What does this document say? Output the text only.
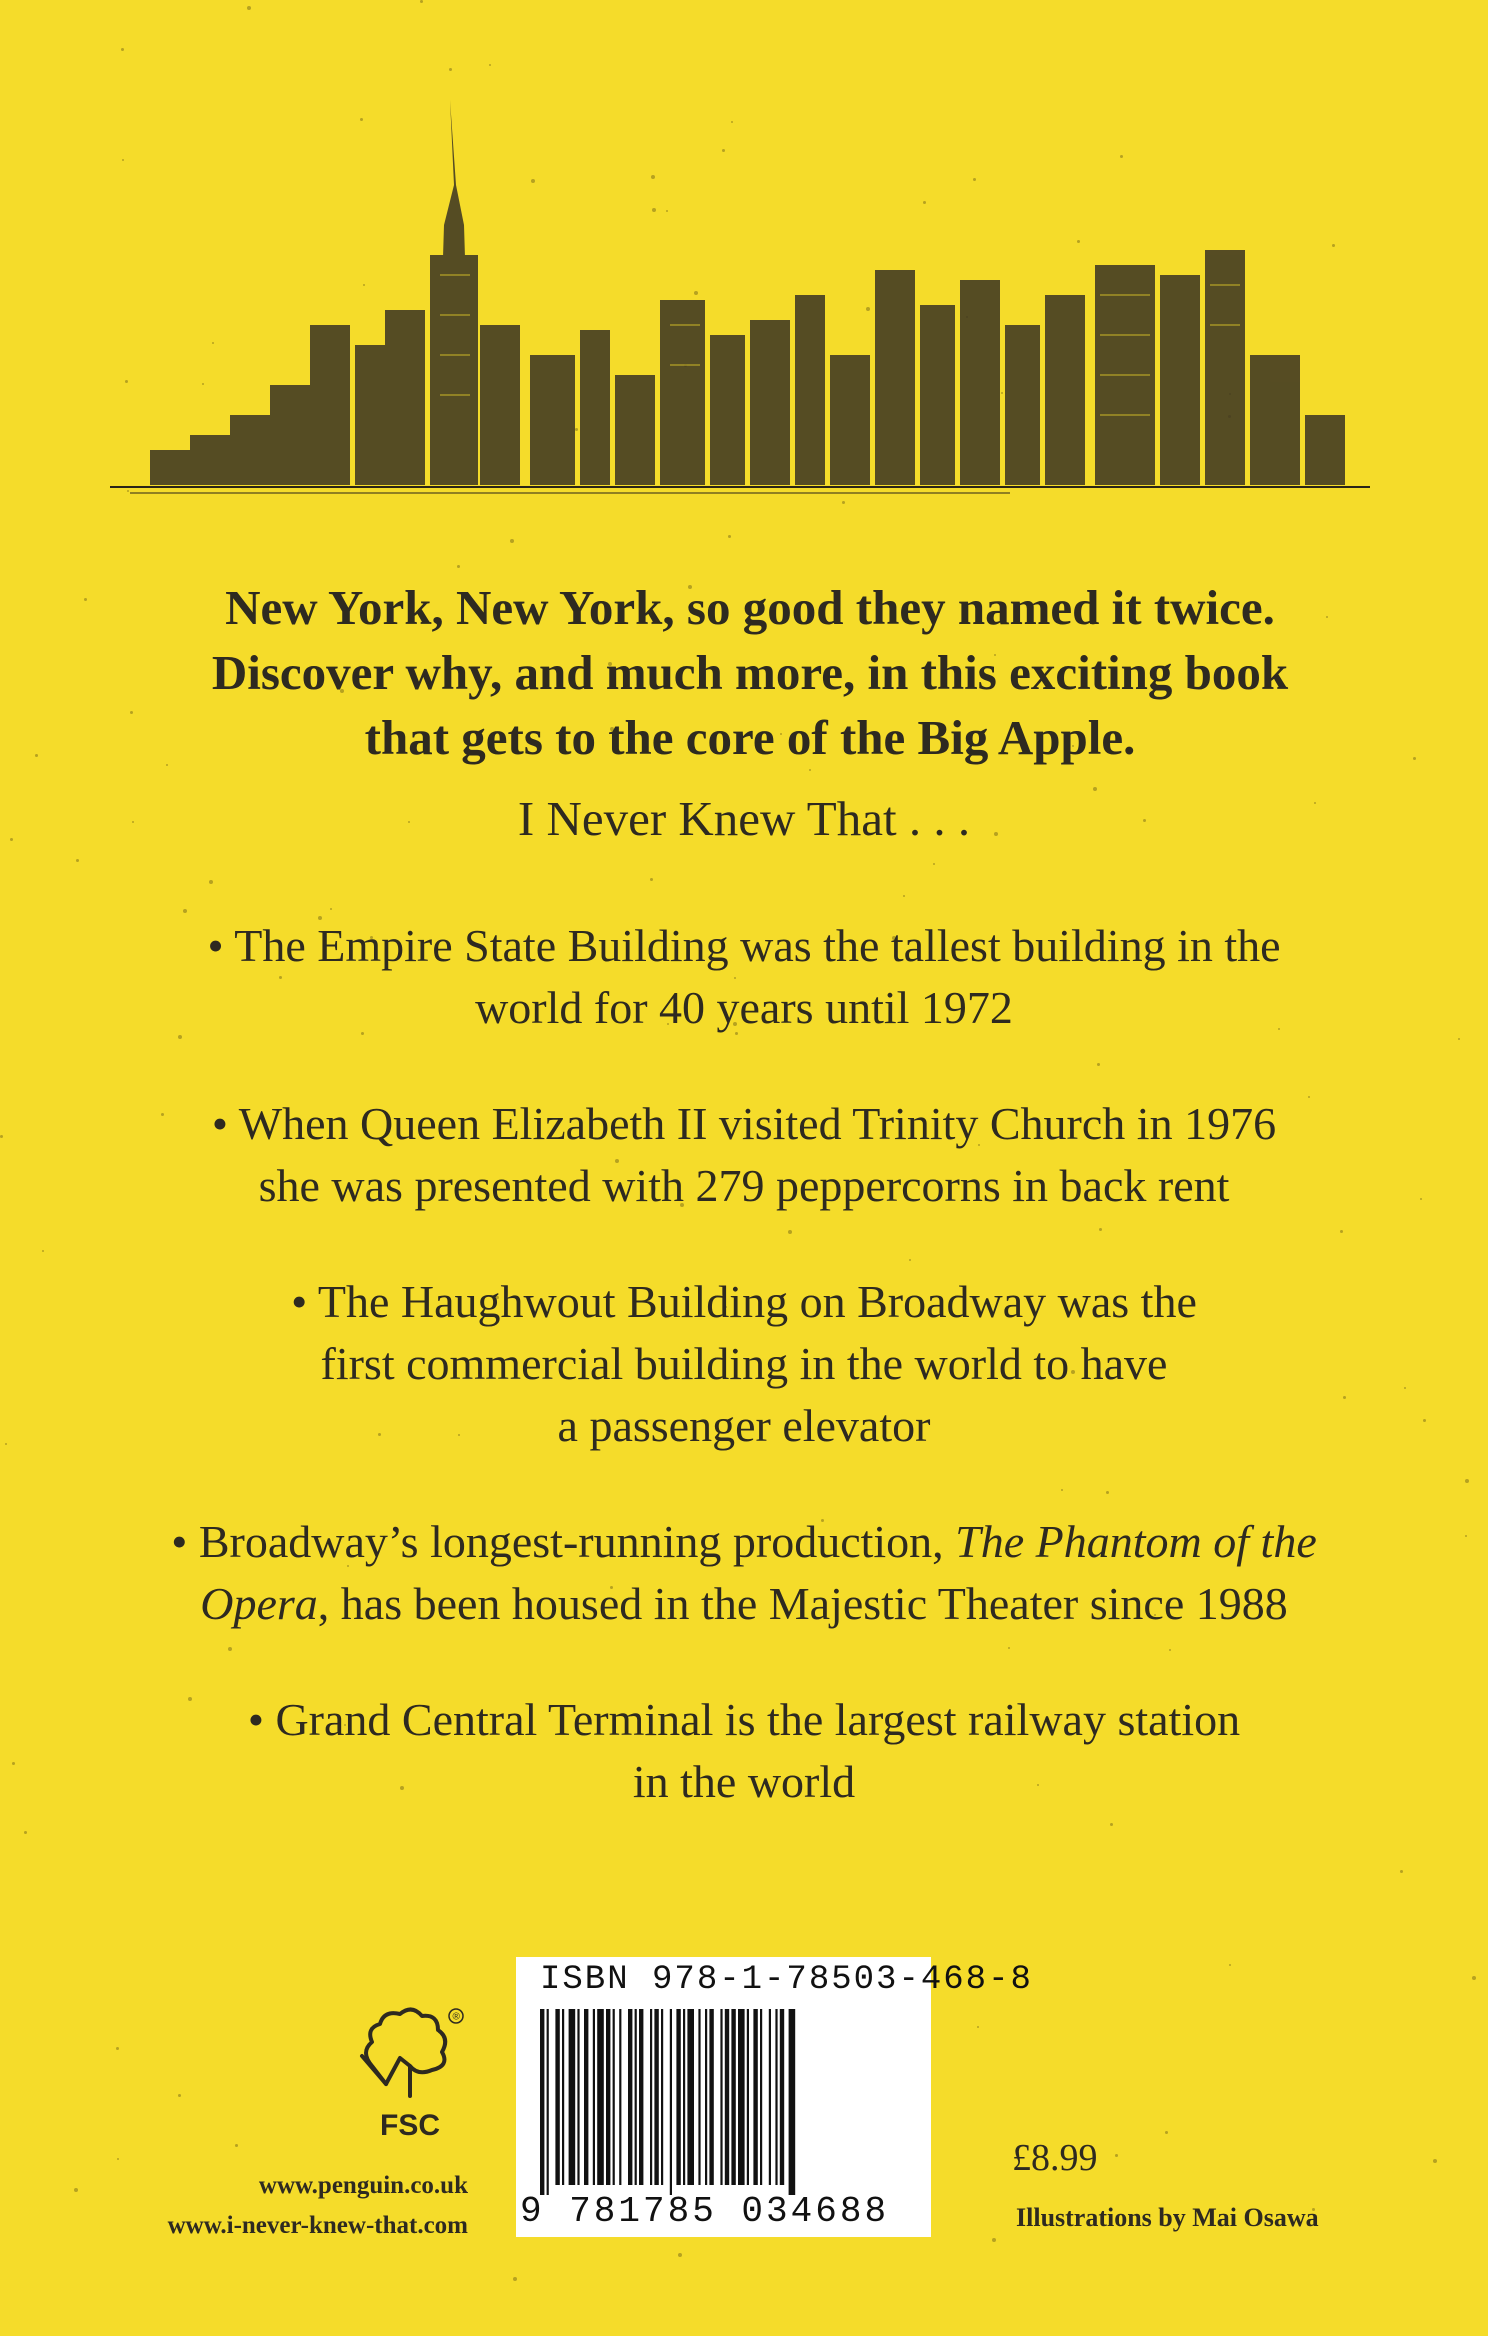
New York, New York, so good they named it twice.
Discover why, and much more, in this exciting book
that gets to the core of the Big Apple.
I Never Knew That . . .
• The Empire State Building was the tallest building in the
world for 40 years until 1972
• When Queen Elizabeth II visited Trinity Church in 1976
she was presented with 279 peppercorns in back rent
• The Haughwout Building on Broadway was the
first commercial building in the world to have
a passenger elevator
• Broadway’s longest-running production, The Phantom of the
Opera, has been housed in the Majestic Theater since 1988
• Grand Central Terminal is the largest railway station
in the world
®
FSC
www.penguin.co.uk
www.i-never-knew-that.com
ISBN 978-1-78503-468-8
9 781785 034688
£8.99
Illustrations by Mai Osawa
